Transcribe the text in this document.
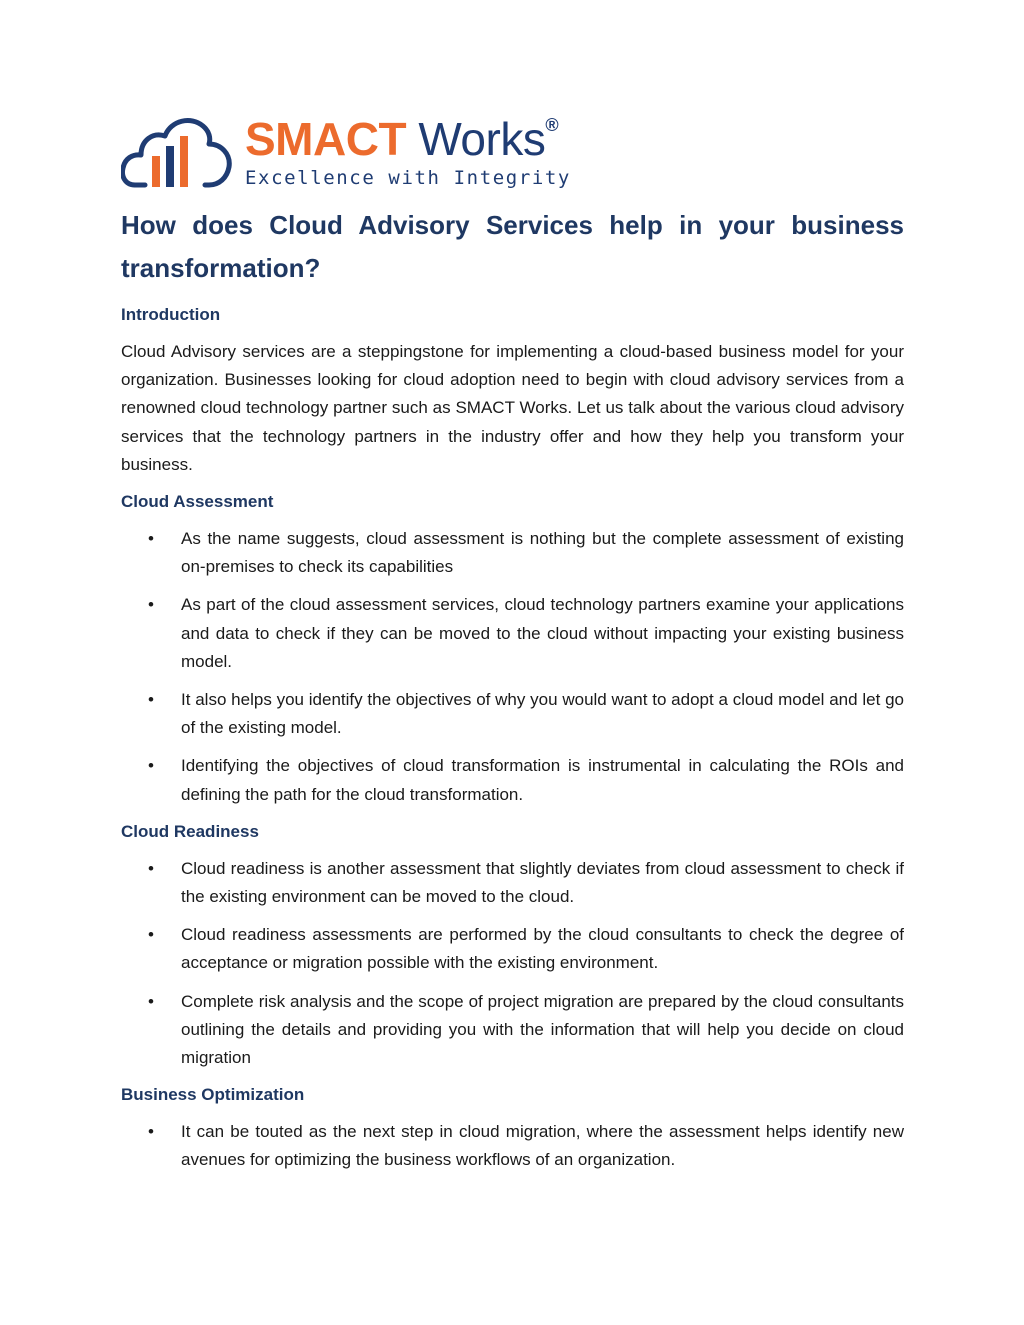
SMACT Works®
Excellence with Integrity
How does Cloud Advisory Services help in your business transformation?
Introduction

Cloud Advisory services are a steppingstone for implementing a cloud-based business model for your organization. Businesses looking for cloud adoption need to begin with cloud advisory services from a renowned cloud technology partner such as SMACT Works. Let us talk about the various cloud advisory services that the technology partners in the industry offer and how they help you transform your business.

Cloud Assessment
• As the name suggests, cloud assessment is nothing but the complete assessment of existing on-premises to check its capabilities
• As part of the cloud assessment services, cloud technology partners examine your applications and data to check if they can be moved to the cloud without impacting your existing business model.
• It also helps you identify the objectives of why you would want to adopt a cloud model and let go of the existing model.
• Identifying the objectives of cloud transformation is instrumental in calculating the ROIs and defining the path for the cloud transformation.
Cloud Readiness
• Cloud readiness is another assessment that slightly deviates from cloud assessment to check if the existing environment can be moved to the cloud.
• Cloud readiness assessments are performed by the cloud consultants to check the degree of acceptance or migration possible with the existing environment.
• Complete risk analysis and the scope of project migration are prepared by the cloud consultants outlining the details and providing you with the information that will help you decide on cloud migration
Business Optimization
• It can be touted as the next step in cloud migration, where the assessment helps identify new avenues for optimizing the business workflows of an organization.
